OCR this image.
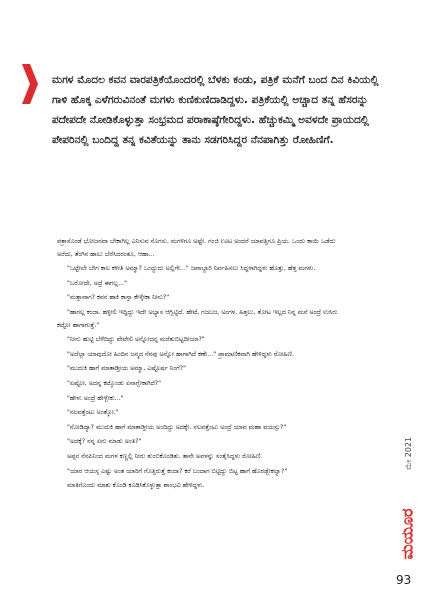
ಮಗಳ ಮೊದಲ ಕವನ ವಾರಪತ್ರಿಕೆಯೊಂದರಲ್ಲಿ ಬೆಳಕು ಕಂಡು, ಪತ್ರಿಕೆ ಮನೆಗೆ ಬಂದ ದಿನ ಕಿವಿಯಲ್ಲಿ ಗಾಳಿ ಹೊಕ್ಕ ಎಳೆಗರುವಿನಂತೆ ಮಗಳು ಕುಣಿಕುಣಿದಾಡಿದ್ದಳು. ಪತ್ರಿಕೆಯಲ್ಲಿ ಅಚ್ಚಾದ ತನ್ನ ಹೆಸರನ್ನು ಪದೇಪದೇ ನೋಡಿಕೊಳ್ಳುತ್ತಾ ಸಂಭ್ರಮದ ಪರಾಕಾಷ್ಠೆಗೇರಿದ್ದಳು. ಹೆಚ್ಚುಕಮ್ಮಿ ಅವಳದೇ ಪ್ರಾಯದಲ್ಲಿ ಪೇಪರಿನಲ್ಲಿ ಬಂದಿದ್ದ ತನ್ನ ಕವಿತೆಯನ್ನು ತಾನು ಸಡಗರಿಸಿದ್ದರ ನೆನಪಾಗಿತ್ತು ರೋಹಿಣಿಗೆ.

ಪತ್ರಾಸೊಂಡೆ ಭೋಜನವಾ ಬೇಕಾಗಿಲ್ಲ ಎನಿಸುವ ಸೊಗಸು. ಮಗಳಿಗೂ ಅಷ್ಟೇ. ಗಂಜಿ ಊಟ ಅಂದರೆ ಯಾವತ್ತಿಗೂ ಪ್ರಿಯ. ಒಂದು ಕಾಯಿ ಒಡೆದು ಅರೆದು, ತೆಂಗಿನ ಹಾಲು ಬೆರೆಸಿದರಂತೂ, ಆಹಾ...

"ಒಟ್ಟೇಲೇ ಬೇಗ ಕಾಲ ಕಳೀತಿ ಅಮ್ಮಾ? ಒಂದ್ದುದು ಅಲ್ಲಿಗೇ..." ಜವಾಬ್ದಾರಿ ನಿರ್ವಹಿಸಲು ಸಿದ್ಧಳಾಗಿದ್ದಳು ಹೊತ್ತು, ಹೆತ್ತ ಮಗಳು.

"ಬರೋದೇ, ಅದ್ರೆ ಈಗಲ್ಲ..."

"ಮತ್ತಾವಾಗ? ಕವನ ಹಾಕಿ ಕಾಸ್ತಾ ಕೇಳ್ಕೇಕಾ ನೀನು?"

"ಹಾಗಲ್ಲ ಕಂದಾ. ಹಳ್ಳೀಲಿ ಇದ್ದಿದ್ದು ಇದೇ ಅಭ್ಯಾಸ ಆಗ್ಬಿಟ್ಟಿದೆ. ಹೇಟೆ, ಗಜಬಜ, ಅಂಗಳ, ಹಿತ್ತಲು, ತೋಟ ಇಲ್ಲದ ನಿನ್ನ ಮನೆ ಅಂದ್ರೆ ಉಸಿರು ಕಟ್ಟೋ ಹಾಗಾಗುತ್ತೆ."

"ನೀನು ಹುಟ್ಟಿ ಬೆಳೆದಿದ್ದು ಪೇಟೇಲಿ ಅನ್ನೋದನ್ನ ಮರೆತುಬಿಟ್ಟದೀಯಾ?"

"ಅದೆಲ್ಲಾ ಯಾವುದೋ ಹಿಂದಿನ ಜನ್ಮದ ನೆನಪು ಅನ್ನೋ ಹಾಗಾಗಿದೆ ಕಣೇ..." ಪ್ರಾಮಾಣಿಕವಾಗಿ ಹೇಳಿದ್ದಳು ರೋಹಿಣಿ.

"ಮುದುಕಿ ಹಾಗೆ ಮಾತಾಡ್ತೀಯ ಅಮ್ಮಾ, ಎಷ್ಟೊರ್ಷ ನಿಂಗೆ?"

"ಏಷ್ಟೋ, ಅದನ್ನ ಕಟ್ಕೊಂಡು ಏನಾಗ್ಬೇಕಾಗಿದೆ?"

"ಹೇಳು ಅಂದ್ರೆ ಹೇಳ್ಬೇಕು..."

"ನಲವತ್ತೆಂಟು ಅಂತ್ಕೋ."

"ನೋಡಿದ್ಯಾ? ಮುದುಕಿ ಹಾಗೆ ಮಾತಾಡ್ತೀಯ ಅಂದಿದ್ದು ಅದಕ್ಕೇ. ನಲವತ್ತೆಂಟು ಅಂದ್ರೆ ಯಾವ ಮಹಾ ವಯಸ್ಸು?"

"ಅದಕ್ಕೆ? ನನ್ನ ಏನು ಮಾಡು ಅಂತಿ?"

ಅಪ್ಪನ ನೆನಪಿನಿಂದ ಮಗಳ ಕಣ್ಣಲ್ಲಿ ನೀರು ತುಂಬಿಕೊಂಡಿತು. ತಾನೇ ಅವಳನ್ನು ಸಂತೈಸಿದ್ದಳು ರೋಹಿಣಿ.

"ಯಾರ ಆಯಸ್ಸ ಎಷ್ಟು ಅಂತ ಯಾರಿಗೆ ಗೊತ್ತಿರುತ್ತೆ ಕಂದಾ? ಕರೆ ಬಂದಾಗ ಬಿಟ್ಟಿದ್ದು ಬಿಟ್ಟ ಹಾಗೆ ಹೊರಡ್ಬೇಕಲ್ವಾ?"

ಮಾತಿಗೊಂದು ಮಾತು ಕೊಂಡಿ ಕೂಡಿಸಿಕೊಳ್ಳುತ್ತಾ ಶಾಂಭವಿ ಹೇಳಿದ್ದಳು.

ಮೇ 2021
ಮಯೂರ
93
